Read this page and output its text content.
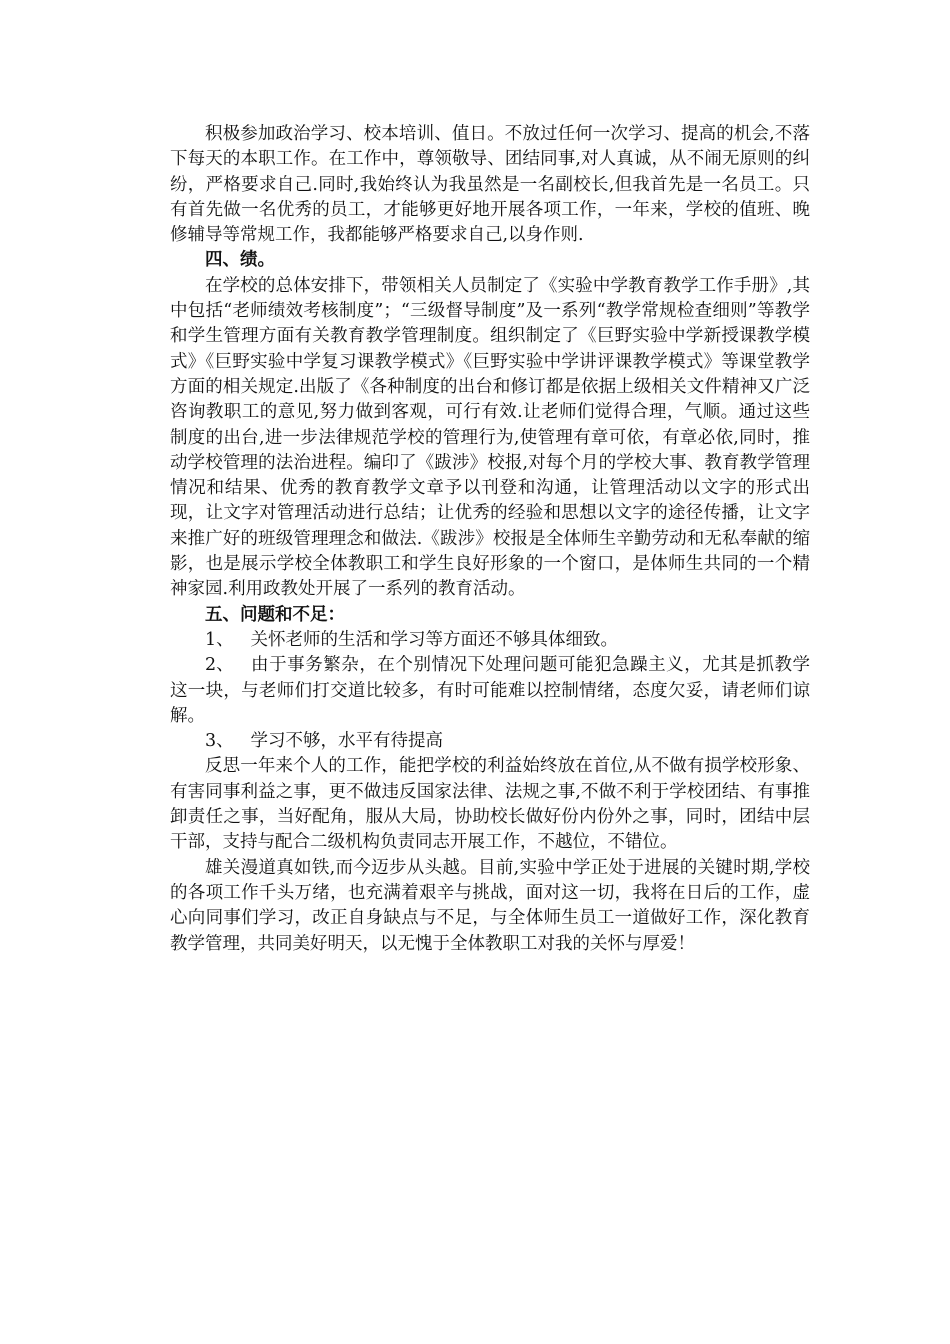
积极参加政治学习、校本培训、值日。不放过任何一次学习、提高的机会,不落下每天的本职工作。在工作中，尊领敬导、团结同事,对人真诚，从不闹无原则的纠纷，严格要求自己.同时,我始终认为我虽然是一名副校长,但我首先是一名员工。只有首先做一名优秀的员工，才能够更好地开展各项工作，一年来，学校的值班、晚修辅导等常规工作，我都能够严格要求自己,以身作则.

四、绩。

在学校的总体安排下，带领相关人员制定了《实验中学教育教学工作手册》,其中包括“老师绩效考核制度”；“三级督导制度”及一系列“教学常规检查细则”等教学和学生管理方面有关教育教学管理制度。组织制定了《巨野实验中学新授课教学模式》《巨野实验中学复习课教学模式》《巨野实验中学讲评课教学模式》等课堂教学方面的相关规定.出版了《各种制度的出台和修订都是依据上级相关文件精神又广泛咨询教职工的意见,努力做到客观，可行有效.让老师们觉得合理，气顺。通过这些制度的出台,进一步法律规范学校的管理行为,使管理有章可依，有章必依,同时，推动学校管理的法治进程。编印了《跋涉》校报,对每个月的学校大事、教育教学管理情况和结果、优秀的教育教学文章予以刊登和沟通，让管理活动以文字的形式出现，让文字对管理活动进行总结；让优秀的经验和思想以文字的途径传播，让文字来推广好的班级管理理念和做法.《跋涉》校报是全体师生辛勤劳动和无私奉献的缩影，也是展示学校全体教职工和学生良好形象的一个窗口，是体师生共同的一个精神家园.利用政教处开展了一系列的教育活动。

五、问题和不足：

1、 关怀老师的生活和学习等方面还不够具体细致。

2、 由于事务繁杂，在个别情况下处理问题可能犯急躁主义，尤其是抓教学这一块，与老师们打交道比较多，有时可能难以控制情绪，态度欠妥，请老师们谅解。

3、 学习不够，水平有待提高

反思一年来个人的工作，能把学校的利益始终放在首位,从不做有损学校形象、有害同事利益之事，更不做违反国家法律、法规之事,不做不利于学校团结、有事推卸责任之事，当好配角，服从大局，协助校长做好份内份外之事，同时，团结中层干部，支持与配合二级机构负责同志开展工作，不越位，不错位。

雄关漫道真如铁,而今迈步从头越。目前,实验中学正处于进展的关键时期,学校的各项工作千头万绪，也充满着艰辛与挑战，面对这一切，我将在日后的工作，虚心向同事们学习，改正自身缺点与不足，与全体师生员工一道做好工作，深化教育教学管理，共同美好明天，以无愧于全体教职工对我的关怀与厚爱！
